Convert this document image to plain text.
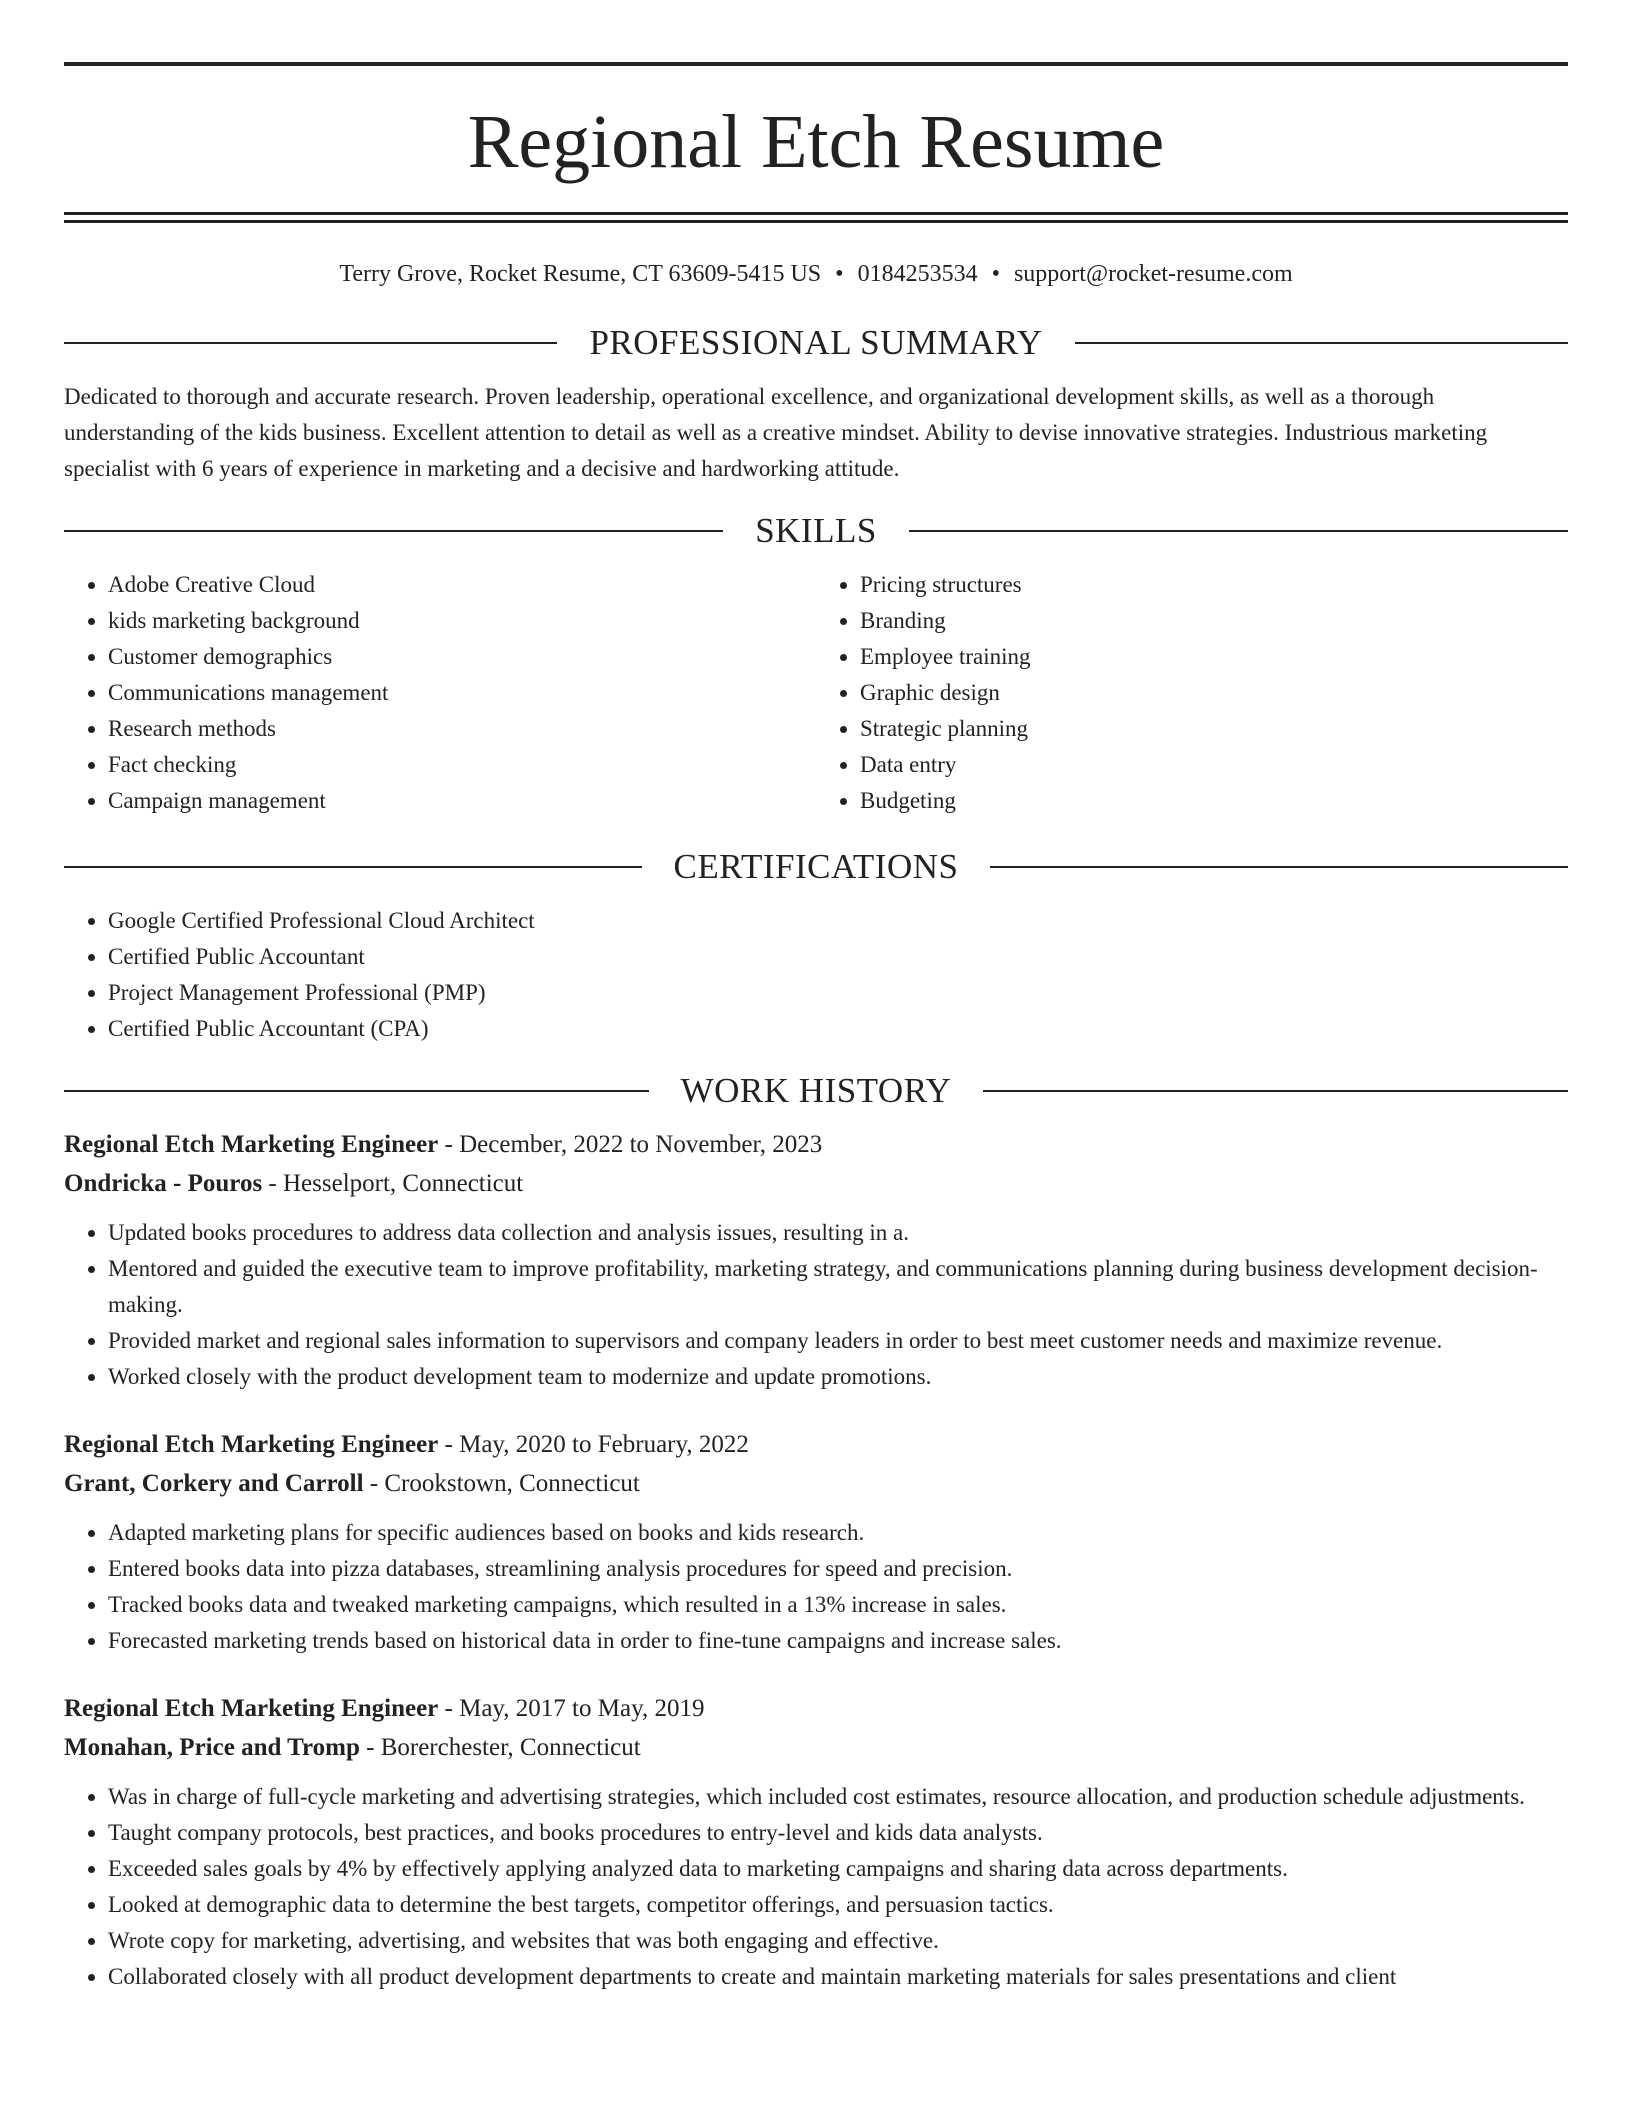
Regional Etch Resume
Terry Grove, Rocket Resume, CT 63609-5415 US • 0184253534 • support@rocket-resume.com
PROFESSIONAL SUMMARY

Dedicated to thorough and accurate research. Proven leadership, operational excellence, and organizational development skills, as well as a thorough understanding of the kids business. Excellent attention to detail as well as a creative mindset. Ability to devise innovative strategies. Industrious marketing specialist with 6 years of experience in marketing and a decisive and hardworking attitude.

SKILLS
• Adobe Creative Cloud
• kids marketing background
• Customer demographics
• Communications management
• Research methods
• Fact checking
• Campaign management
• Pricing structures
• Branding
• Employee training
• Graphic design
• Strategic planning
• Data entry
• Budgeting
CERTIFICATIONS
• Google Certified Professional Cloud Architect
• Certified Public Accountant
• Project Management Professional (PMP)
• Certified Public Accountant (CPA)
WORK HISTORY
Regional Etch Marketing Engineer - December, 2022 to November, 2023
Ondricka - Pouros - Hesselport, Connecticut
• Updated books procedures to address data collection and analysis issues, resulting in a.
• Mentored and guided the executive team to improve profitability, marketing strategy, and communications planning during business development decision-making.
• Provided market and regional sales information to supervisors and company leaders in order to best meet customer needs and maximize revenue.
• Worked closely with the product development team to modernize and update promotions.
Regional Etch Marketing Engineer - May, 2020 to February, 2022
Grant, Corkery and Carroll - Crookstown, Connecticut
• Adapted marketing plans for specific audiences based on books and kids research.
• Entered books data into pizza databases, streamlining analysis procedures for speed and precision.
• Tracked books data and tweaked marketing campaigns, which resulted in a 13% increase in sales.
• Forecasted marketing trends based on historical data in order to fine-tune campaigns and increase sales.
Regional Etch Marketing Engineer - May, 2017 to May, 2019
Monahan, Price and Tromp - Borerchester, Connecticut
• Was in charge of full-cycle marketing and advertising strategies, which included cost estimates, resource allocation, and production schedule adjustments.
• Taught company protocols, best practices, and books procedures to entry-level and kids data analysts.
• Exceeded sales goals by 4% by effectively applying analyzed data to marketing campaigns and sharing data across departments.
• Looked at demographic data to determine the best targets, competitor offerings, and persuasion tactics.
• Wrote copy for marketing, advertising, and websites that was both engaging and effective.
• Collaborated closely with all product development departments to create and maintain marketing materials for sales presentations and client
